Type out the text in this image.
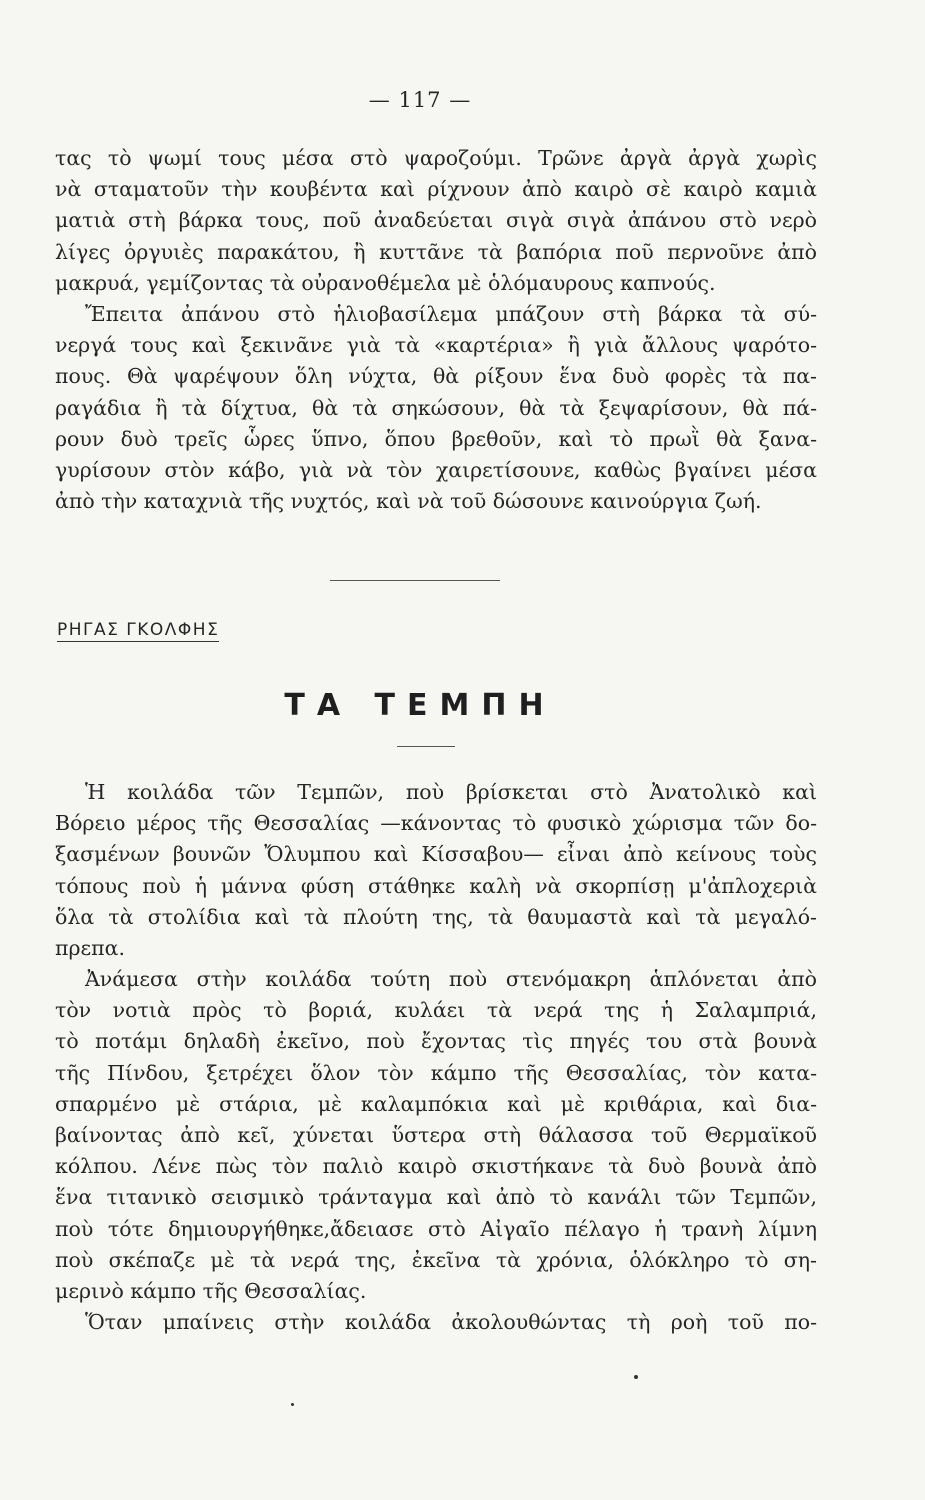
— 117 —
τας τὸ ψωμί τους μέσα στὸ ψαροζούμι. Τρῶνε ἀργὰ ἀργὰ χωρὶς
νὰ σταματοῦν τὴν κουβέντα καὶ ρίχνουν ἀπὸ καιρὸ σὲ καιρὸ καμιὰ
ματιὰ στὴ βάρκα τους, ποῦ ἀναδεύεται σιγὰ σιγὰ ἀπάνου στὸ νερὸ
λίγες ὀργυιὲς παρακάτου, ἢ κυττᾶνε τὰ βαπόρια ποῦ περνοῦνε ἀπὸ
μακρυά, γεμίζοντας τὰ οὐρανοθέμελα μὲ ὁλόμαυρους καπνούς.
Ἔπειτα ἀπάνου στὸ ἡλιοβασίλεμα μπάζουν στὴ βάρκα τὰ σύ-
νεργά τους καὶ ξεκινᾶνε γιὰ τὰ «καρτέρια» ἢ γιὰ ἄλλους ψαρότο-
πους. Θὰ ψαρέψουν ὅλη νύχτα, θὰ ρίξουν ἕνα δυὸ φορὲς τὰ πα-
ραγάδια ἢ τὰ δίχτυα, θὰ τὰ σηκώσουν, θὰ τὰ ξεψαρίσουν, θὰ πά-
ρουν δυὸ τρεῖς ὧρες ὕπνο, ὅπου βρεθοῦν, καὶ τὸ πρωῒ θὰ ξανα-
γυρίσουν στὸν κάβο, γιὰ νὰ τὸν χαιρετίσουνε, καθὼς βγαίνει μέσα
ἀπὸ τὴν καταχνιὰ τῆς νυχτός, καὶ νὰ τοῦ δώσουνε καινούργια ζωή.
ΡΗΓΑΣ ΓΚΟΛΦΗΣ
ΤΑ ΤΕΜΠΗ
Ἡ κοιλάδα τῶν Τεμπῶν, ποὺ βρίσκεται στὸ Ἀνατολικὸ καὶ
Βόρειο μέρος τῆς Θεσσαλίας —κάνοντας τὸ φυσικὸ χώρισμα τῶν δο-
ξασμένων βουνῶν Ὄλυμπου καὶ Κίσσαβου— εἶναι ἀπὸ κείνους τοὺς
τόπους ποὺ ἡ μάννα φύση στάθηκε καλὴ νὰ σκορπίσῃ μ'ἀπλοχεριὰ
ὅλα τὰ στολίδια καὶ τὰ πλούτη της, τὰ θαυμαστὰ καὶ τὰ μεγαλό-
πρεπα.
Ἀνάμεσα στὴν κοιλάδα τούτη ποὺ στενόμακρη ἁπλόνεται ἀπὸ
τὸν νοτιὰ πρὸς τὸ βοριά, κυλάει τὰ νερά της ἡ Σαλαμπριά,
τὸ ποτάμι δηλαδὴ ἐκεῖνο, ποὺ ἔχοντας τὶς πηγές του στὰ βουνὰ
τῆς Πίνδου, ξετρέχει ὅλον τὸν κάμπο τῆς Θεσσαλίας, τὸν κατα-
σπαρμένο μὲ στάρια, μὲ καλαμπόκια καὶ μὲ κριθάρια, καὶ δια-
βαίνοντας ἀπὸ κεῖ, χύνεται ὕστερα στὴ θάλασσα τοῦ Θερμαϊκοῦ
κόλπου. Λένε πὼς τὸν παλιὸ καιρὸ σκιστήκανε τὰ δυὸ βουνὰ ἀπὸ
ἕνα τιτανικὸ σεισμικὸ τράνταγμα καὶ ἀπὸ τὸ κανάλι τῶν Τεμπῶν,
ποὺ τότε δημιουργήθηκε,ἄδειασε στὸ Αἰγαῖο πέλαγο ἡ τρανὴ λίμνη
ποὺ σκέπαζε μὲ τὰ νερά της, ἐκεῖνα τὰ χρόνια, ὁλόκληρο τὸ ση-
μερινὸ κάμπο τῆς Θεσσαλίας.
Ὅταν μπαίνεις στὴν κοιλάδα ἀκολουθώντας τὴ ροὴ τοῦ πο-
